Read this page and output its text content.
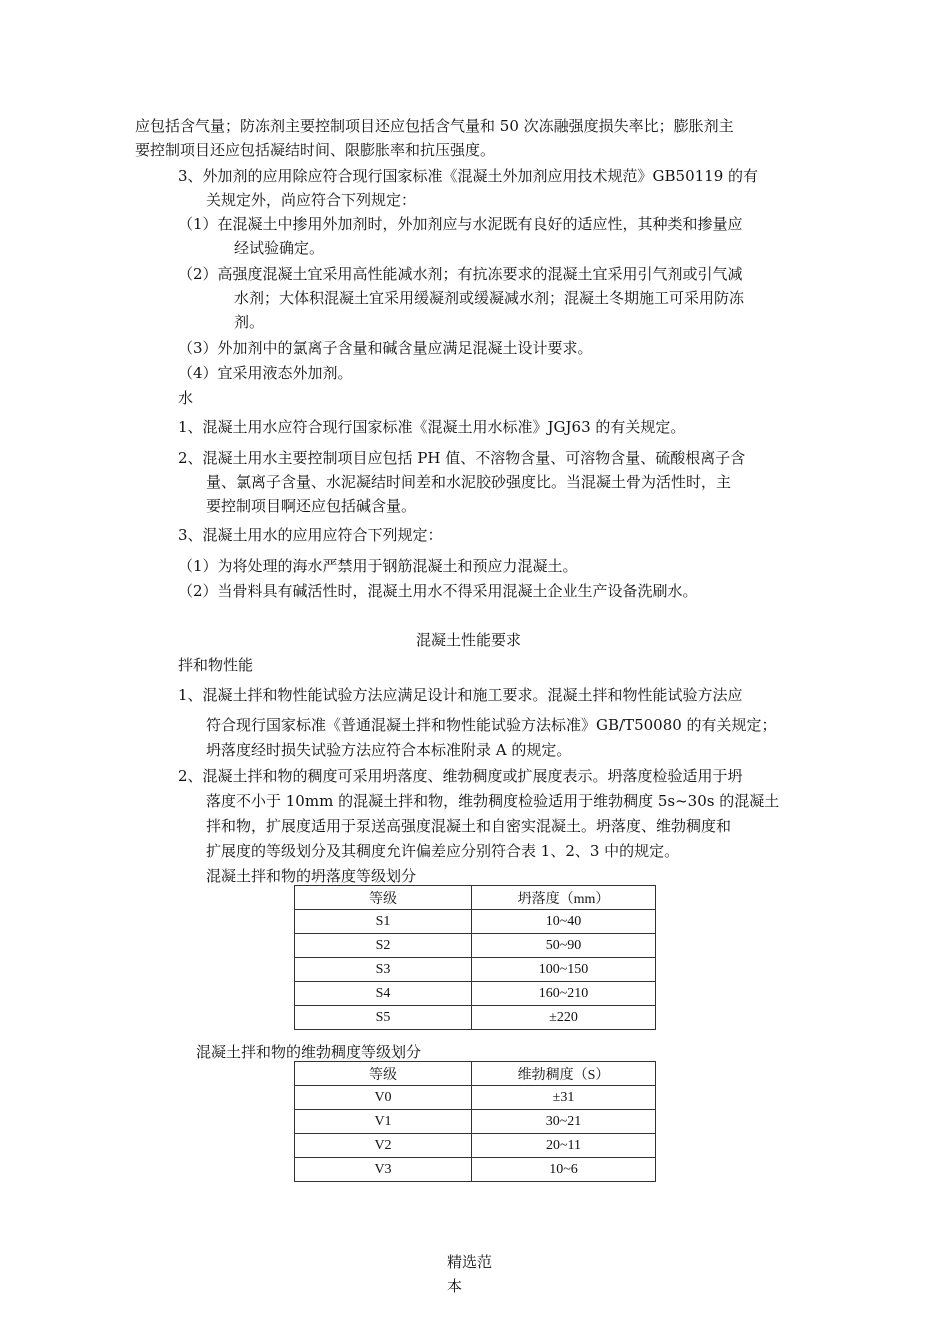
应包括含气量；防冻剂主要控制项目还应包括含气量和 50 次冻融强度损失率比；膨胀剂主

要控制项目还应包括凝结时间、限膨胀率和抗压强度。

3、外加剂的应用除应符合现行国家标准《混凝土外加剂应用技术规范》GB50119 的有

关规定外，尚应符合下列规定：

（1）在混凝土中掺用外加剂时，外加剂应与水泥既有良好的适应性，其种类和掺量应

经试验确定。

（2）高强度混凝土宜采用高性能减水剂；有抗冻要求的混凝土宜采用引气剂或引气减

水剂；大体积混凝土宜采用缓凝剂或缓凝减水剂；混凝土冬期施工可采用防冻

剂。

（3）外加剂中的氯离子含量和碱含量应满足混凝土设计要求。

（4）宜采用液态外加剂。

水

1、混凝土用水应符合现行国家标准《混凝土用水标准》JGJ63 的有关规定。

2、混凝土用水主要控制项目应包括 PH 值、不溶物含量、可溶物含量、硫酸根离子含

量、氯离子含量、水泥凝结时间差和水泥胶砂强度比。当混凝土骨为活性时，主

要控制项目啊还应包括碱含量。

3、混凝土用水的应用应符合下列规定：

（1）为将处理的海水严禁用于钢筋混凝土和预应力混凝土。

（2）当骨料具有碱活性时，混凝土用水不得采用混凝土企业生产设备洗刷水。

混凝土性能要求

拌和物性能

1、混凝土拌和物性能试验方法应满足设计和施工要求。混凝土拌和物性能试验方法应

符合现行国家标准《普通混凝土拌和物性能试验方法标准》GB/T50080 的有关规定；

坍落度经时损失试验方法应符合本标准附录 A 的规定。

2、混凝土拌和物的稠度可采用坍落度、维勃稠度或扩展度表示。坍落度检验适用于坍

落度不小于 10mm 的混凝土拌和物，维勃稠度检验适用于维勃稠度 5s~30s 的混凝土

拌和物，扩展度适用于泵送高强度混凝土和自密实混凝土。坍落度、维勃稠度和

扩展度的等级划分及其稠度允许偏差应分别符合表 1、2、3 中的规定。

混凝土拌和物的坍落度等级划分

等级	坍落度（mm）
S1	10~40
S2	50~90
S3	100~150
S4	160~210
S5	±220

混凝土拌和物的维勃稠度等级划分

等级	维勃稠度（S）
V0	±31
V1	30~21
V2	20~11
V3	10~6
精选范
本
